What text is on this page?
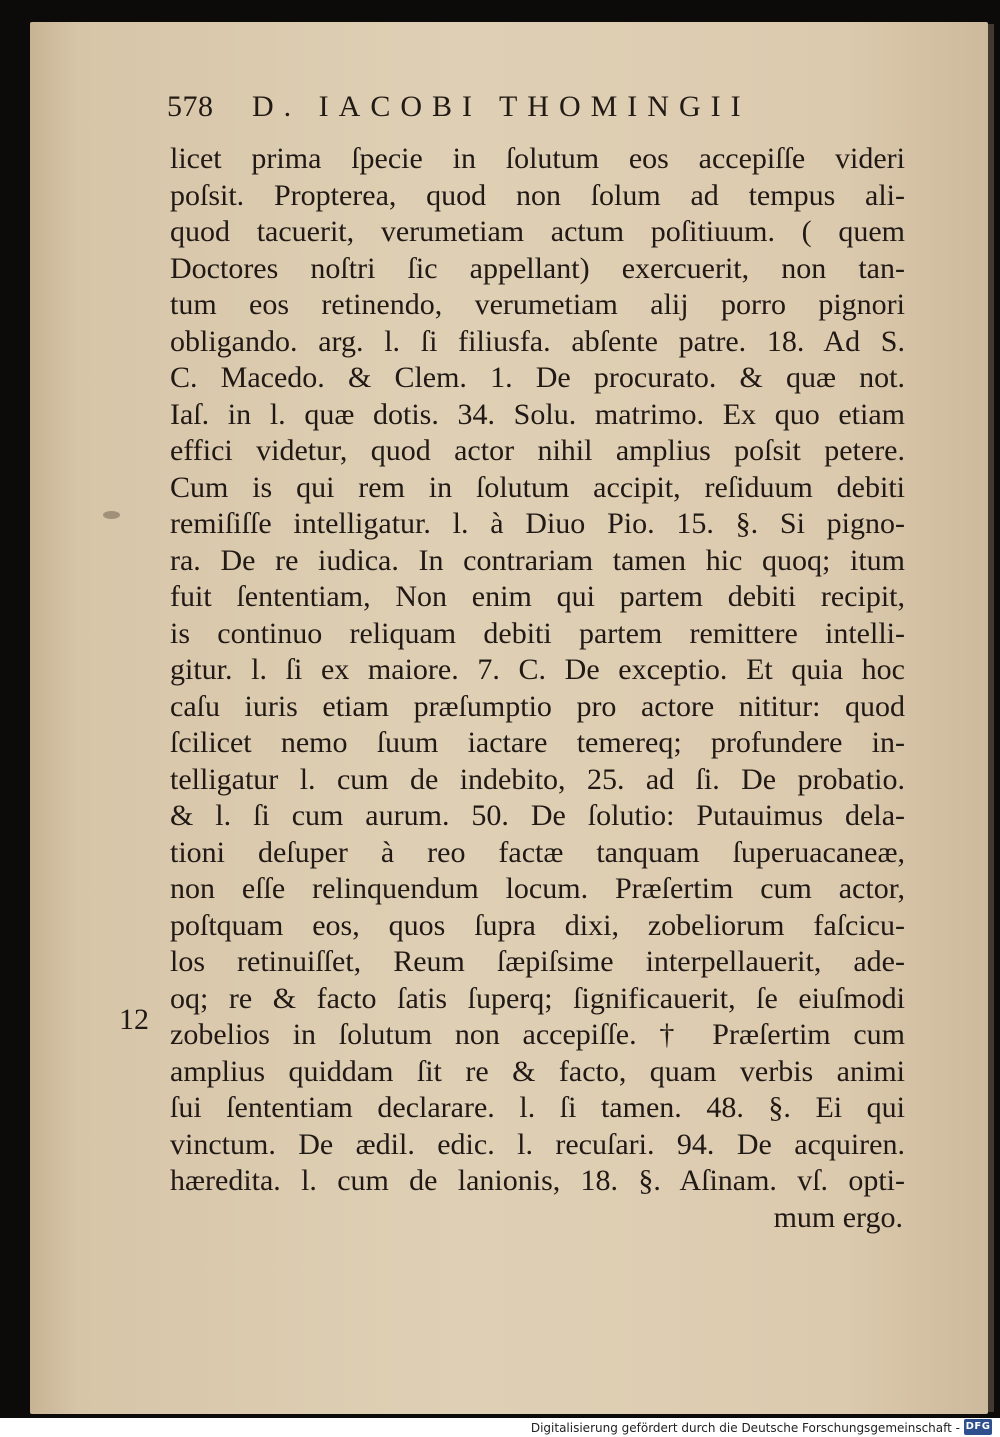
578 D. IACOBI THOMINGII
12
licet prima ſpecie in ſolutum eos accepiſſe videri
poſsit. Propterea, quod non ſolum ad tempus ali-
quod tacuerit, verumetiam actum poſitiuum. ( quem
Doctores noſtri ſic appellant) exercuerit, non tan-
tum eos retinendo, verumetiam alij porro pignori
obligando. arg. l. ſi filiusfa. abſente patre. 18. Ad S.
C. Macedo. & Clem. 1. De procurato. & quæ not.
Iaſ. in l. quæ dotis. 34. Solu. matrimo. Ex quo etiam
effici videtur, quod actor nihil amplius poſsit petere.
Cum is qui rem in ſolutum accipit, reſiduum debiti
remiſiſſe intelligatur. l. à Diuo Pio. 15. §. Si pigno-
ra. De re iudica. In contrariam tamen hic quoq; itum
fuit ſententiam, Non enim qui partem debiti recipit,
is continuo reliquam debiti partem remittere intelli-
gitur. l. ſi ex maiore. 7. C. De exceptio. Et quia hoc
caſu iuris etiam præſumptio pro actore nititur: quod
ſcilicet nemo ſuum iactare temereq; profundere in-
telligatur l. cum de indebito, 25. ad ſi. De probatio.
& l. ſi cum aurum. 50. De ſolutio: Putauimus dela-
tioni deſuper à reo factæ tanquam ſuperuacaneæ,
non eſſe relinquendum locum. Præſertim cum actor,
poſtquam eos, quos ſupra dixi, zobeliorum faſcicu-
los retinuiſſet, Reum ſæpiſsime interpellauerit, ade-
oq; re & facto ſatis ſuperq; ſignificauerit, ſe eiuſmodi
zobelios in ſolutum non accepiſſe. † Præſertim cum
amplius quiddam ſit re & facto, quam verbis animi
ſui ſententiam declarare. l. ſi tamen. 48. §. Ei qui
vinctum. De ædil. edic. l. recuſari. 94. De acquiren.
hæredita. l. cum de lanionis, 18. §. Aſinam. vſ. opti-
mum ergo.
Digitalisierung gefördert durch die Deutsche Forschungsgemeinschaft - DFG
